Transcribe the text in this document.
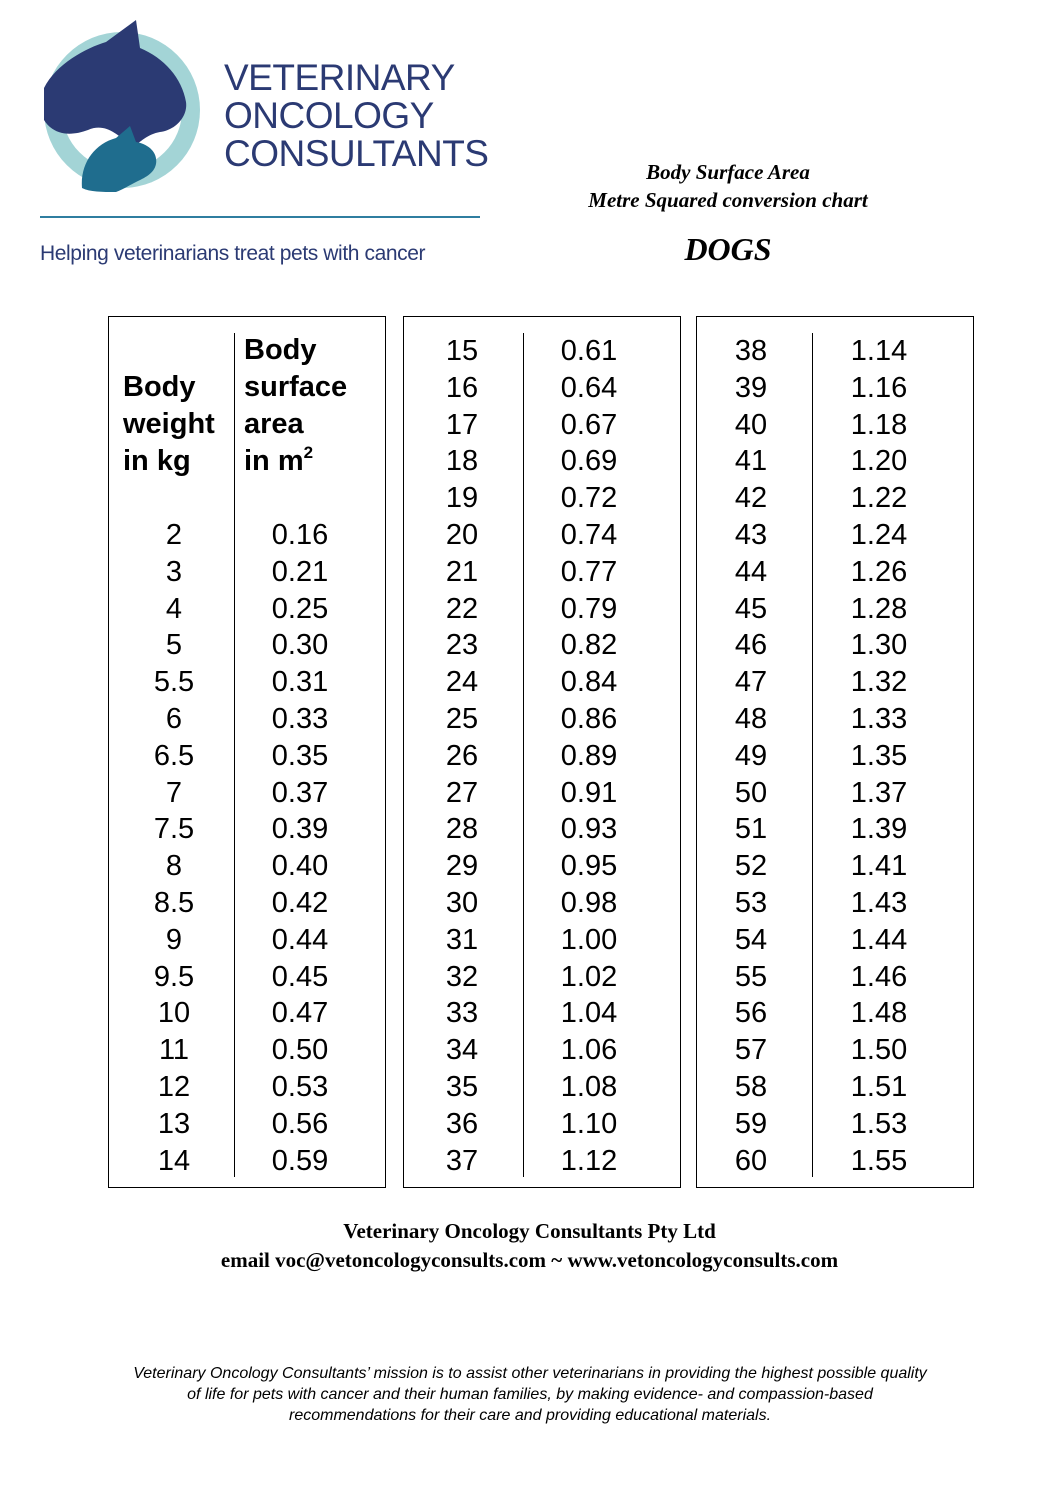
VETERINARY
ONCOLOGY
CONSULTANTS
Helping veterinarians treat pets with cancer
Body Surface Area
Metre Squared conversion chart
DOGS
Body
weight
in kg
Body
surface
area
in $m^2$
2
3
4
5
5.5
6
6.5
7
7.5
8
8.5
9
9.5
10
11
12
13
14
0.16
0.21
0.25
0.30
0.31
0.33
0.35
0.37
0.39
0.40
0.42
0.44
0.45
0.47
0.50
0.53
0.56
0.59
15
16
17
18
19
20
21
22
23
24
25
26
27
28
29
30
31
32
33
34
35
36
37
0.61
0.64
0.67
0.69
0.72
0.74
0.77
0.79
0.82
0.84
0.86
0.89
0.91
0.93
0.95
0.98
1.00
1.02
1.04
1.06
1.08
1.10
1.12
38
39
40
41
42
43
44
45
46
47
48
49
50
51
52
53
54
55
56
57
58
59
60
1.14
1.16
1.18
1.20
1.22
1.24
1.26
1.28
1.30
1.32
1.33
1.35
1.37
1.39
1.41
1.43
1.44
1.46
1.48
1.50
1.51
1.53
1.55
Veterinary Oncology Consultants Pty Ltd
email voc@vetoncologyconsults.com ~ www.vetoncologyconsults.com
Veterinary Oncology Consultants’ mission is to assist other veterinarians in providing the highest possible quality of life for pets with cancer and their human families, by making evidence- and compassion-based recommendations for their care and providing educational materials.
